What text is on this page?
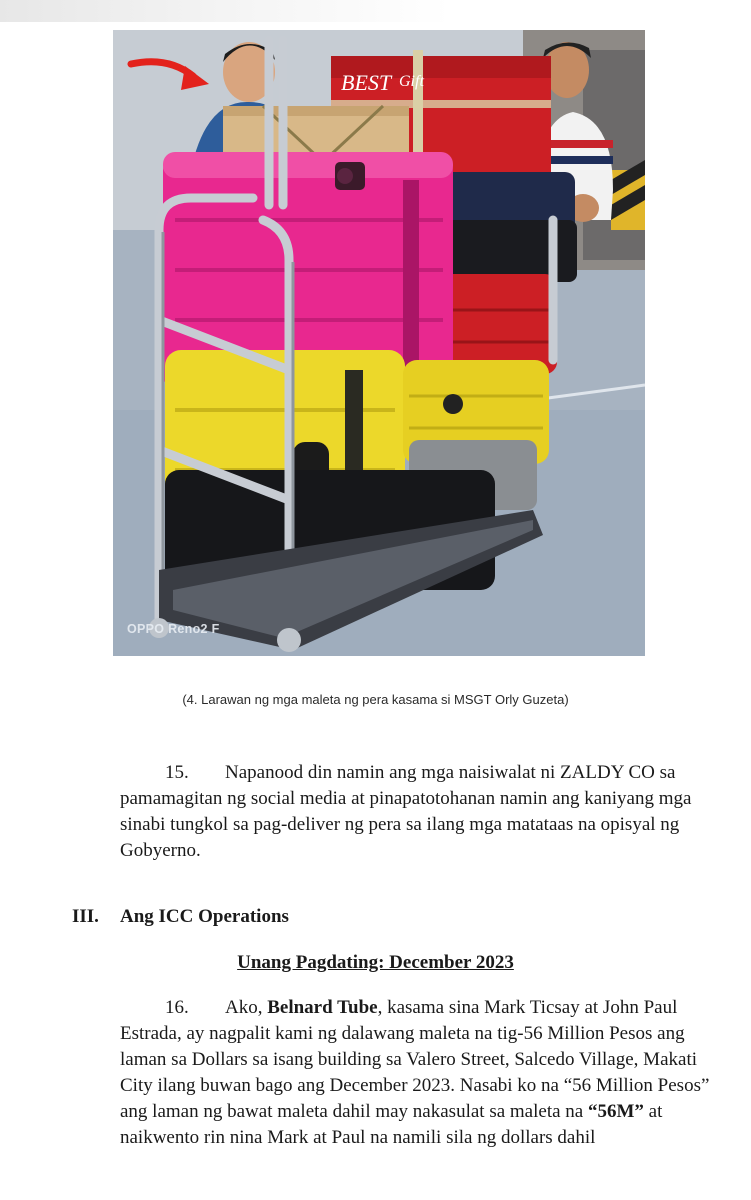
BEST Gift
OPPO Reno2 F
(4. Larawan ng mga maleta ng pera kasama si MSGT Orly Guzeta)

15. Napanood din namin ang mga naisiwalat ni ZALDY CO sa pamamagitan ng social media at pinapatotohanan namin ang kaniyang mga sinabi tungkol sa pag-deliver ng pera sa ilang mga matataas na opisyal ng Gobyerno.

III. Ang ICC Operations
Unang Pagdating: December 2023

16. Ako, Belnard Tube, kasama sina Mark Ticsay at John Paul Estrada, ay nagpalit kami ng dalawang maleta na tig-56 Million Pesos ang laman sa Dollars sa isang building sa Valero Street, Salcedo Village, Makati City ilang buwan bago ang December 2023. Nasabi ko na “56 Million Pesos” ang laman ng bawat maleta dahil may nakasulat sa maleta na “56M” at naikwento rin nina Mark at Paul na namili sila ng dollars dahil
